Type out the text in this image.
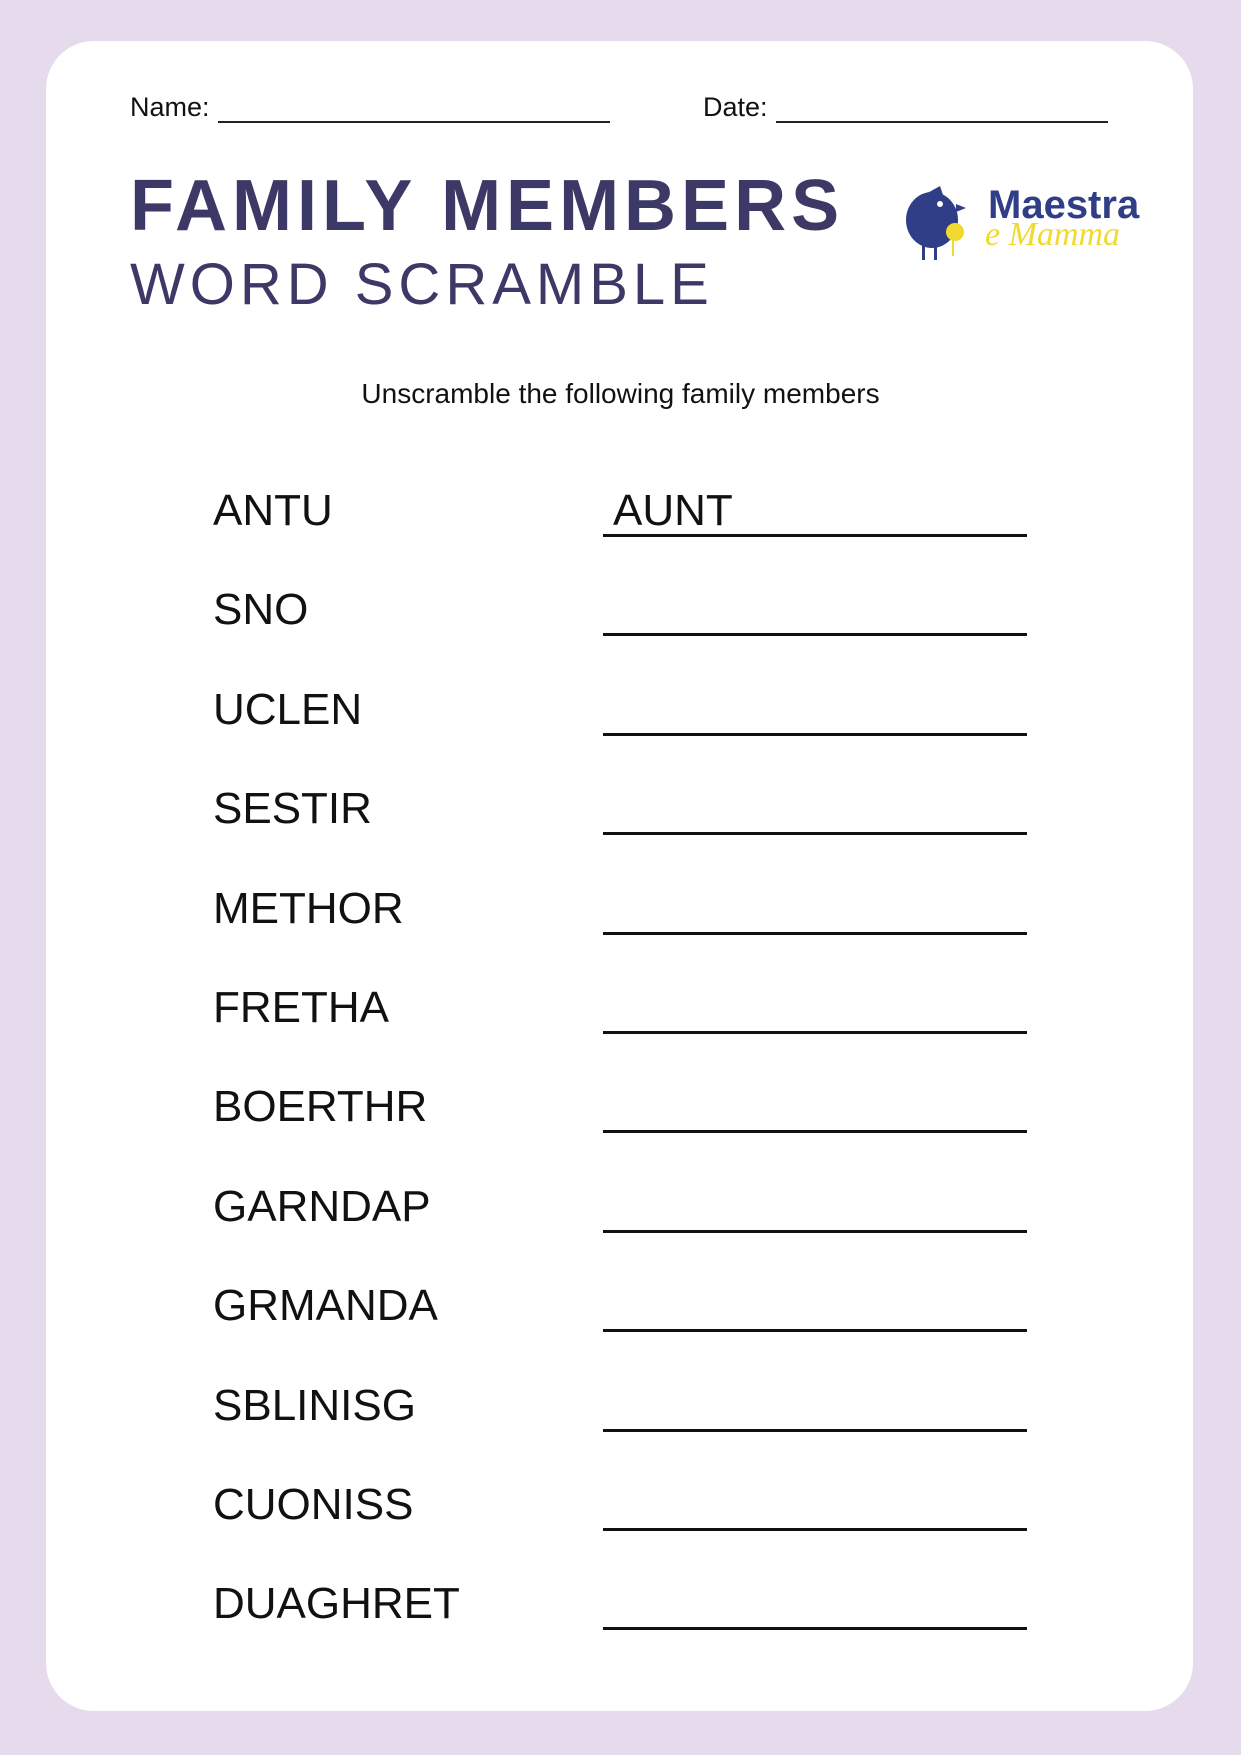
Name:	Date:
FAMILY MEMBERS
WORD SCRAMBLE
Maestra
e Mamma
Unscramble the following family members
ANTU	AUNT
SNO
UCLEN
SESTIR
METHOR
FRETHA
BOERTHR
GARNDAP
GRMANDA
SBLINISG
CUONISS
DUAGHRET
